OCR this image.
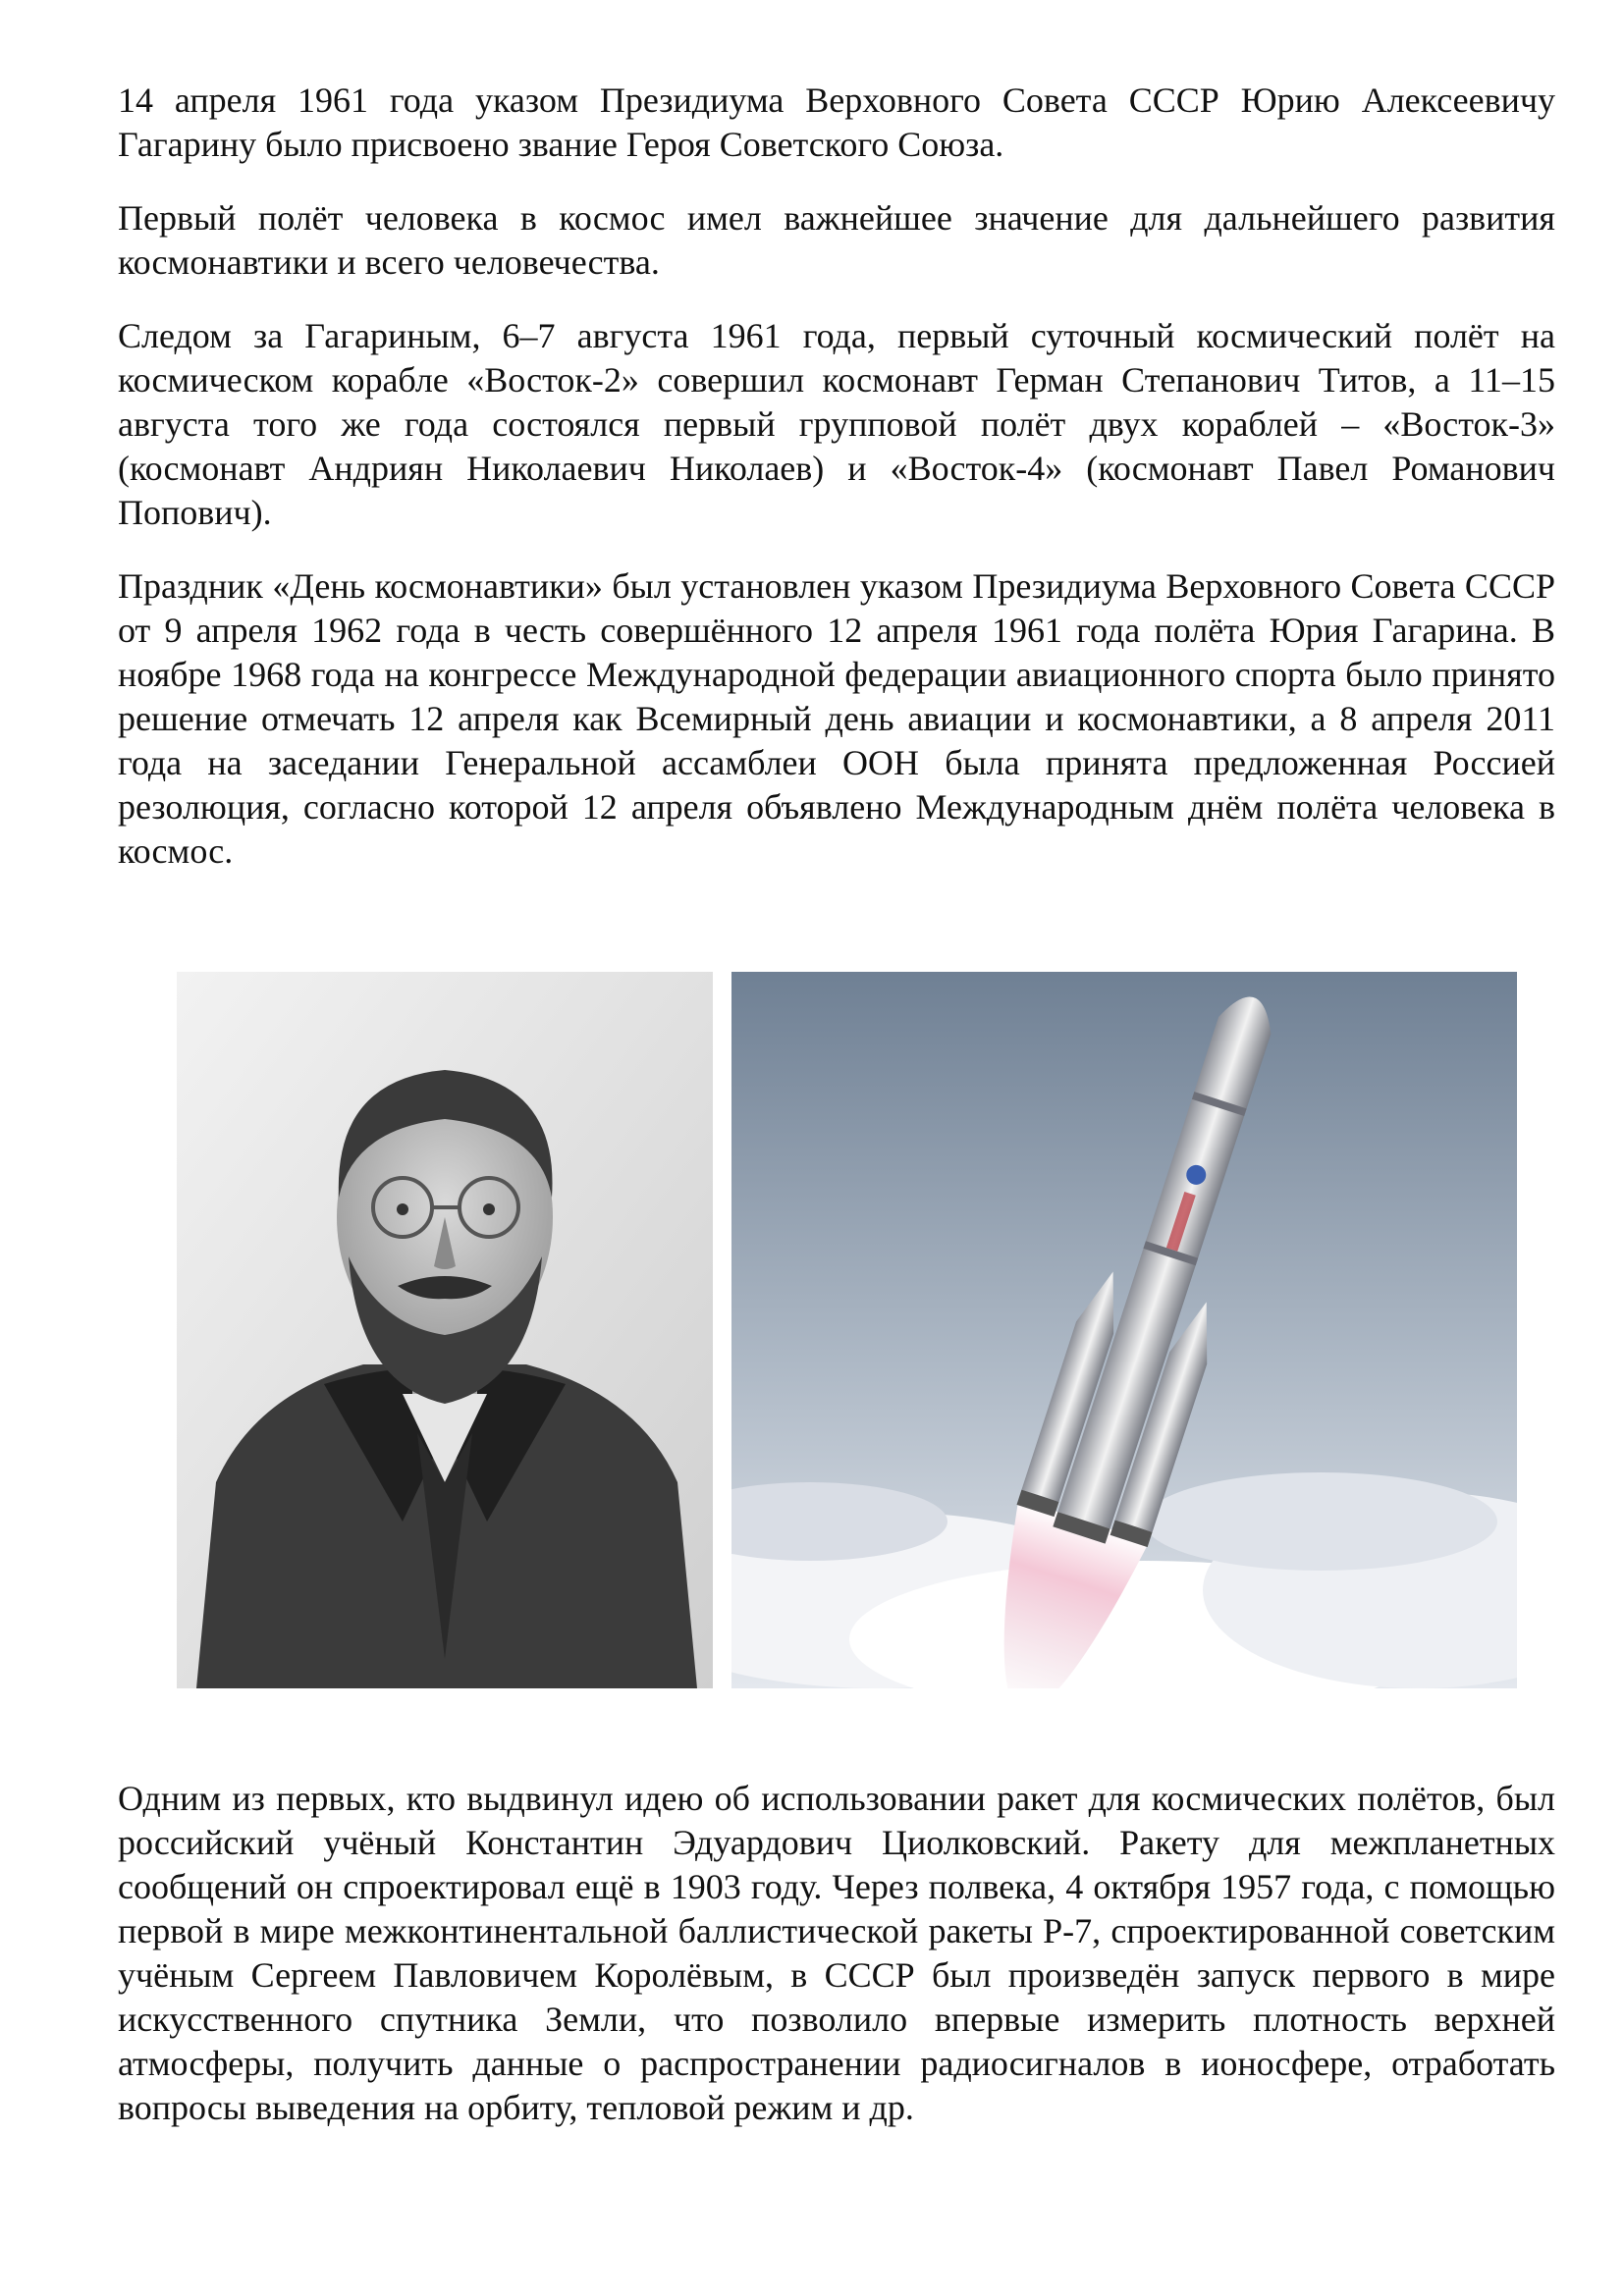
14 апреля 1961 года указом Президиума Верховного Совета СССР Юрию Алексеевичу Гагарину было присвоено звание Героя Советского Союза.

Первый полёт человека в космос имел важнейшее значение для дальнейшего развития космонавтики и всего человечества.

Следом за Гагариным, 6–7 августа 1961 года, первый суточный космический полёт на космическом корабле «Восток-2» совершил космонавт Герман Степанович Титов, а 11–15 августа того же года состоялся первый групповой полёт двух кораблей – «Восток-3» (космонавт Андриян Николаевич Николаев) и «Восток-4» (космонавт Павел Романович Попович).

Праздник «День космонавтики» был установлен указом Президиума Верховного Совета СССР от 9 апреля 1962 года в честь совершённого 12 апреля 1961 года полёта Юрия Гагарина. В ноябре 1968 года на конгрессе Международной федерации авиационного спорта было принято решение отмечать 12 апреля как Всемирный день авиации и космонавтики, а 8 апреля 2011 года на заседании Генеральной ассамблеи ООН была принята предложенная Россией резолюция, согласно которой 12 апреля объявлено Международным днём полёта человека в космос.

Одним из первых, кто выдвинул идею об использовании ракет для космических полётов, был российский учёный Константин Эдуардович Циолковский. Ракету для межпланетных сообщений он спроектировал ещё в 1903 году. Через полвека, 4 октября 1957 года, с помощью первой в мире межконтинентальной баллистической ракеты Р-7, спроектированной советским учёным Сергеем Павловичем Королёвым, в СССР был произведён запуск первого в мире искусственного спутника Земли, что позволило впервые измерить плотность верхней атмосферы, получить данные о распространении радиосигналов в ионосфере, отработать вопросы выведения на орбиту, тепловой режим и др.
